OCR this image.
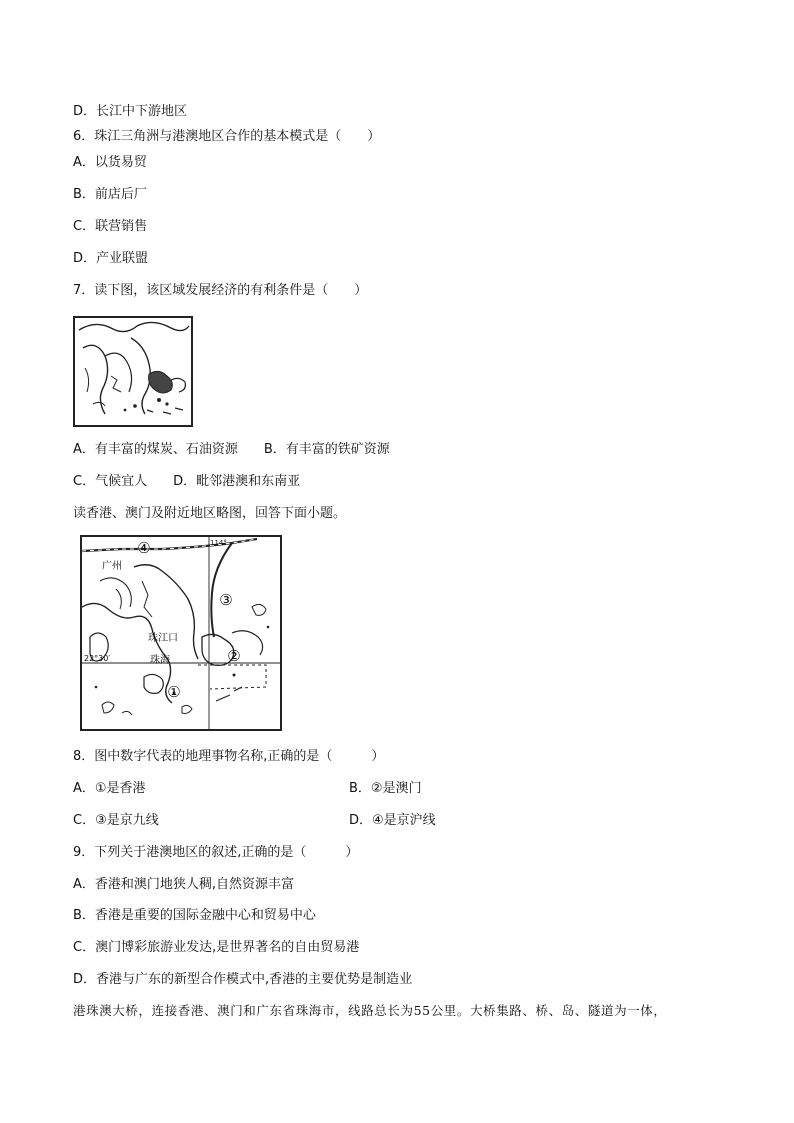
D．长江中下游地区
6．珠江三角洲与港澳地区合作的基本模式是（　　）
A．以货易贸
B．前店后厂
C．联营销售
D．产业联盟
7．读下图，该区域发展经济的有利条件是（　　）
A．有丰富的煤炭、石油资源　　B．有丰富的铁矿资源
C．气候宜人　　D．毗邻港澳和东南亚
读香港、澳门及附近地区略图，回答下面小题。
④
③
②
①
广州
珠江口
珠海
114°
22°30′
8．图中数字代表的地理事物名称,正确的是（　　　）
A．①是香港	B．②是澳门
C．③是京九线	D．④是京沪线
9．下列关于港澳地区的叙述,正确的是（　　　）
A．香港和澳门地狭人稠,自然资源丰富
B．香港是重要的国际金融中心和贸易中心
C．澳门博彩旅游业发达,是世界著名的自由贸易港
D．香港与广东的新型合作模式中,香港的主要优势是制造业
港珠澳大桥，连接香港、澳门和广东省珠海市，线路总长为55公里。大桥集路、桥、岛、隧道为一体，
